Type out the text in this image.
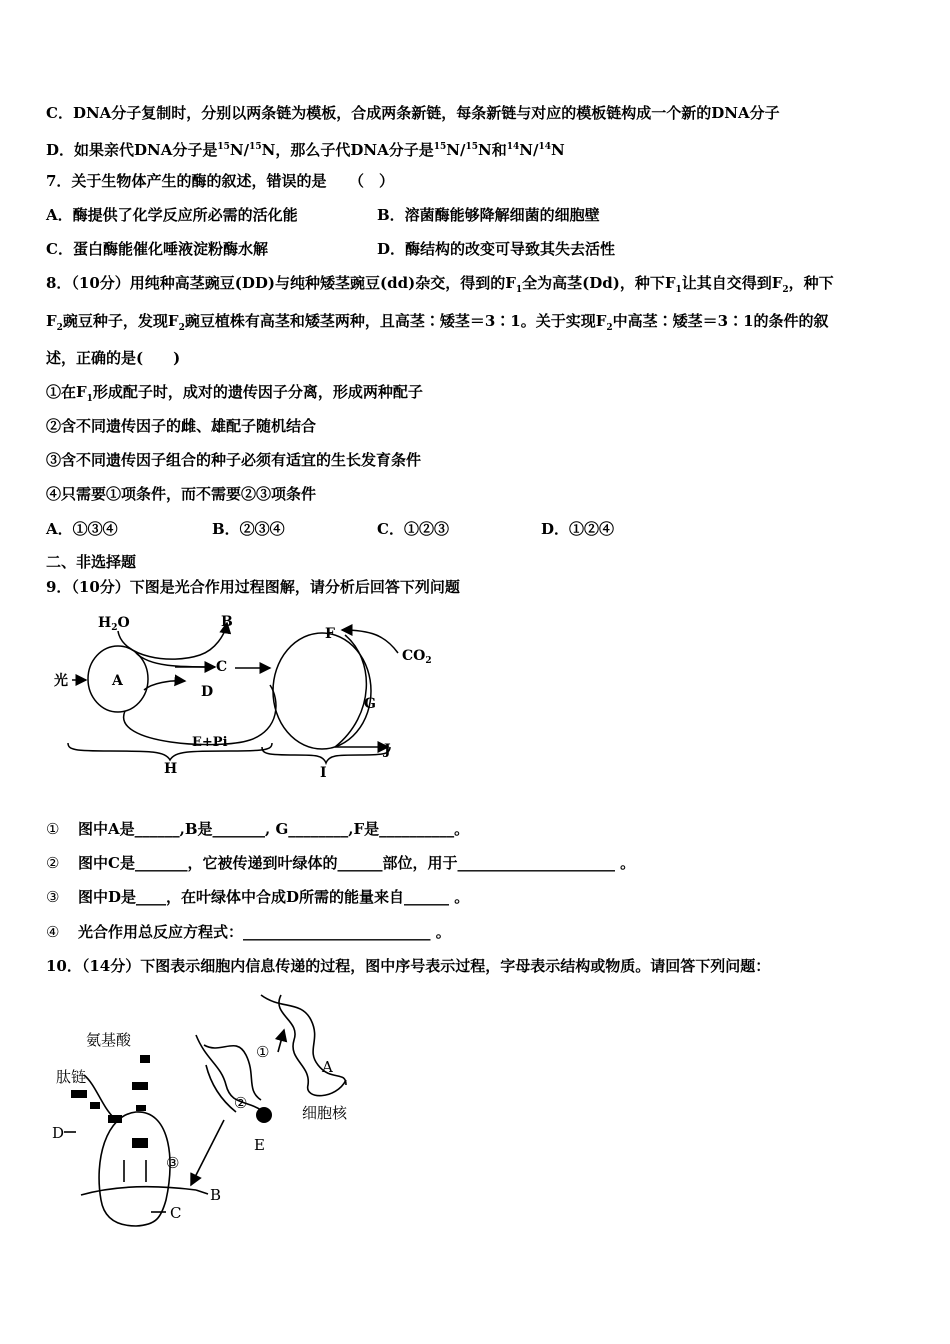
C．DNA分子复制时，分别以两条链为模板，合成两条新链，每条新链与对应的模板链构成一个新的DNA分子
D．如果亲代DNA分子是$^{15}$N/$^{15}$N，那么子代DNA分子是$^{15}$N/$^{15}$N和$^{14}$N/$^{14}$N
7．关于生物体产生的酶的叙述，错误的是　　（　）
A．酶提供了化学反应所必需的活化能	B．溶菌酶能够降解细菌的细胞壁
C．蛋白酶能催化唾液淀粉酶水解	D．酶结构的改变可导致其失去活性
8．（10分）用纯种高茎豌豆(DD)与纯种矮茎豌豆(dd)杂交，得到的$F_1$全为高茎(Dd)，种下$F_1$让其自交得到$F_2$，种下
$F_2$豌豆种子，发现$F_2$豌豆植株有高茎和矮茎两种，且高茎∶矮茎＝3∶1。关于实现$F_2$中高茎∶矮茎＝3∶1的条件的叙
述，正确的是(　　)
①在$F_1$形成配子时，成对的遗传因子分离，形成两种配子
②含不同遗传因子的雌、雄配子随机结合
③含不同遗传因子组合的种子必须有适宜的生长发育条件
④只需要①项条件，而不需要②③项条件
A．①③④	B．②③④	C．①②③	D．①②④
二、非选择题
9．（10分）下图是光合作用过程图解，请分析后回答下列问题
$H_2O$	B
光	A
C
D
E+Pi
F
$CO_2$
G
J
H	I
① 图中A是______,B是_______, G________,F是__________。
② 图中C是_______，它被传递到叶绿体的______部位，用于_____________________ 。
③ 图中D是____，在叶绿体中合成D所需的能量来自______ 。
④ 光合作用总反应方程式：_________________________ 。
10．（14分）下图表示细胞内信息传递的过程，图中序号表示过程，字母表示结构或物质。请回答下列问题：
氨基酸
肽链
D
①
②
③
A
E
细胞核
B
C
